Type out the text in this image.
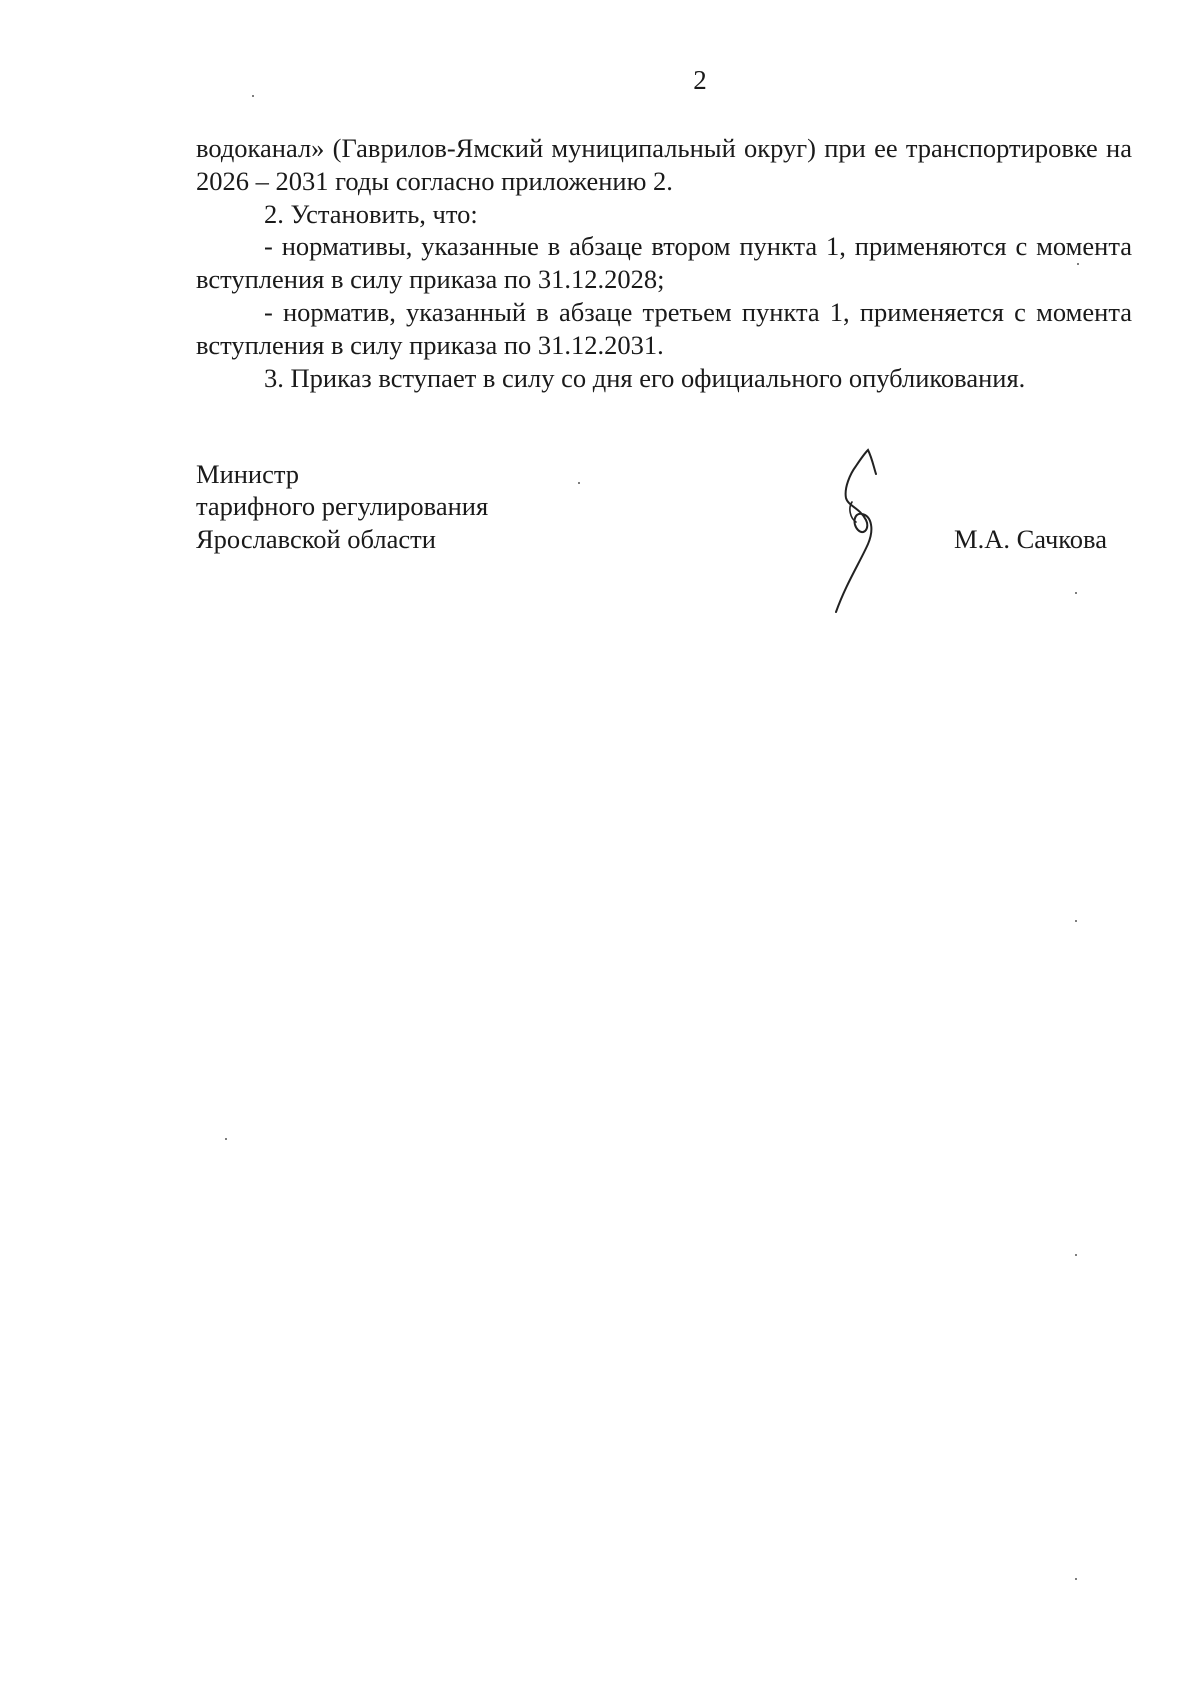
2

водоканал» (Гаврилов-Ямский муниципальный округ) при ее транспортировке на 2026 – 2031 годы согласно приложению 2.

2. Установить, что:

- нормативы, указанные в абзаце втором пункта 1, применяются с момента вступления в силу приказа по 31.12.2028;

- норматив, указанный в абзаце третьем пункта 1, применяется с момента вступления в силу приказа по 31.12.2031.

3. Приказ вступает в силу со дня его официального опубликования.

Министр
тарифного регулирования
Ярославской области	М.А. Сачкова
